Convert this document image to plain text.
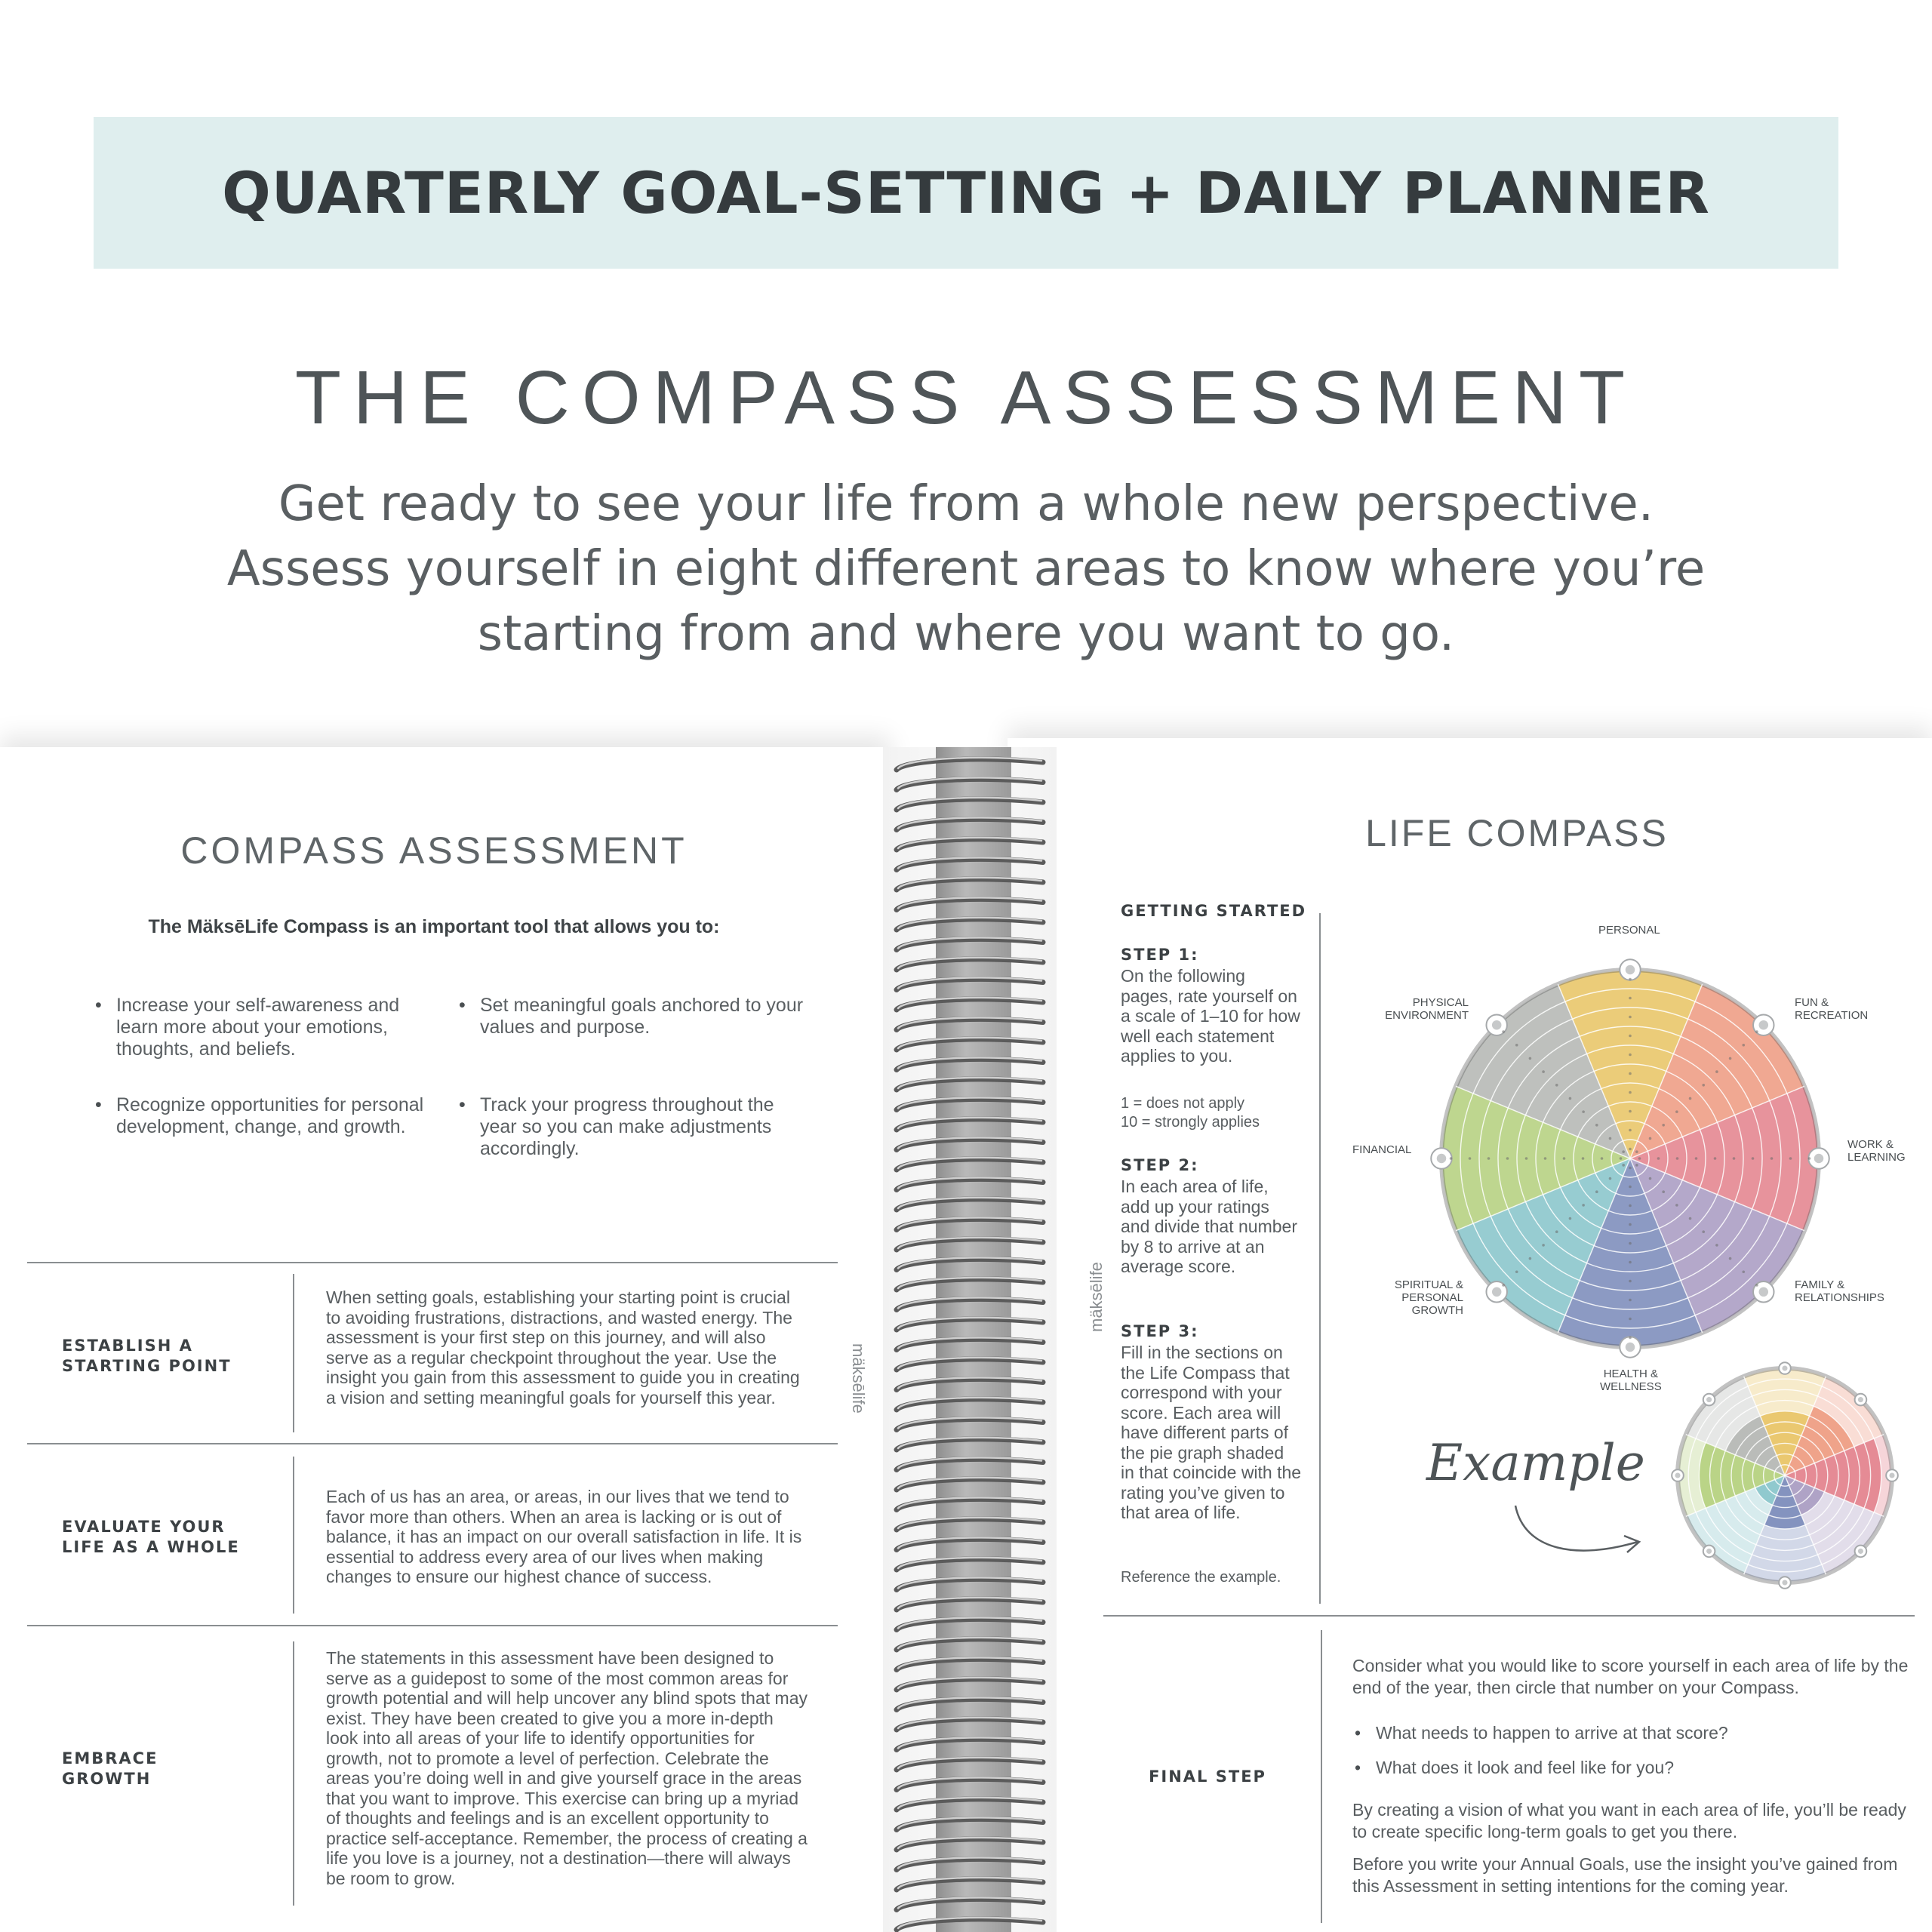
QUARTERLY GOAL-SETTING + DAILY PLANNER
THE COMPASS ASSESSMENT
Get ready to see your life from a whole new perspective.
Assess yourself in eight different areas to know where you’re
starting from and where you want to go.
mäksēlife
mäksēlife
COMPASS ASSESSMENT
The MäksēLife Compass is an important tool that allows you to:
• Increase your self-awareness and learn more about your emotions, thoughts, and beliefs.
• Set meaningful goals anchored to your values and purpose.
• Recognize opportunities for personal development, change, and growth.
• Track your progress throughout the year so you can make adjustments accordingly.
ESTABLISH A
STARTING POINT
When setting goals, establishing your starting point is crucial to avoiding frustrations, distractions, and wasted energy. The assessment is your first step on this journey, and will also serve as a regular checkpoint throughout the year. Use the insight you gain from this assessment to guide you in creating a vision and setting meaningful goals for yourself this year.
EVALUATE YOUR
LIFE AS A WHOLE
Each of us has an area, or areas, in our lives that we tend to favor more than others. When an area is lacking or is out of balance, it has an impact on our overall satisfaction in life. It is essential to address every area of our lives when making changes to ensure our highest chance of success.
EMBRACE
GROWTH
The statements in this assessment have been designed to serve as a guidepost to some of the most common areas for growth potential and will help uncover any blind spots that may exist. They have been created to give you a more in-depth look into all areas of your life to identify opportunities for growth, not to promote a level of perfection. Celebrate the areas you’re doing well in and give yourself grace in the areas that you want to improve. This exercise can bring up a myriad of thoughts and feelings and is an excellent opportunity to practice self-acceptance. Remember, the process of creating a life you love is a journey, not a destination—there will always be room to grow.
LIFE COMPASS
GETTING STARTED
STEP 1:
On the following pages, rate yourself on a scale of 1–10 for how well each statement applies to you.
1 = does not apply
10 = strongly applies
STEP 2:
In each area of life, add up your ratings and divide that number by 8 to arrive at an average score.
STEP 3:
Fill in the sections on the Life Compass that correspond with your score. Each area will have different parts of the pie graph shaded in that coincide with the rating you’ve given to that area of life.
Reference the example.
PERSONAL
FUN &
RECREATION
WORK &
LEARNING
FAMILY &
RELATIONSHIPS
HEALTH &
WELLNESS
SPIRITUAL &
PERSONAL GROWTH
FINANCIAL
PHYSICAL
ENVIRONMENT
Example
FINAL STEP
Consider what you would like to score yourself in each area of life by the end of the year, then circle that number on your Compass.
• What needs to happen to arrive at that score?
• What does it look and feel like for you?
By creating a vision of what you want in each area of life, you’ll be ready to create specific long-term goals to get you there.
Before you write your Annual Goals, use the insight you’ve gained from this Assessment in setting intentions for the coming year.
